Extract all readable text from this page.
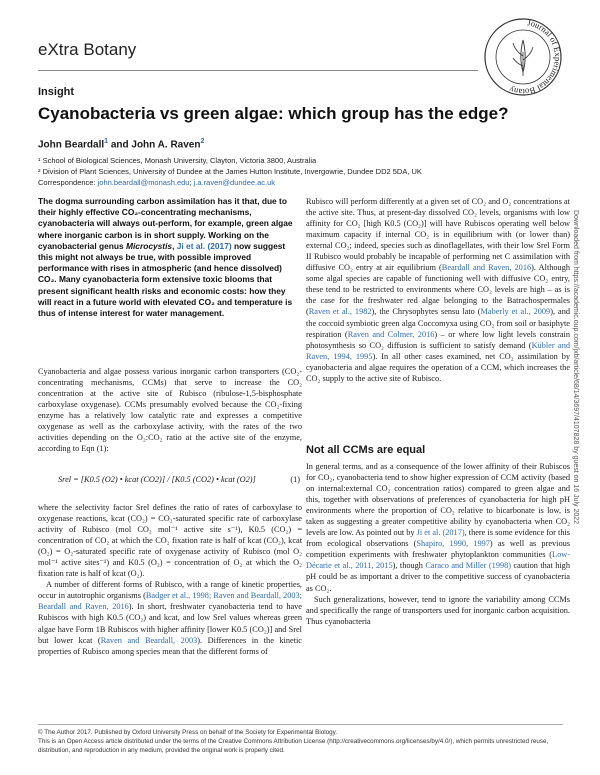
eXtra Botany
Journal of Experimental Botany
Insight
Cyanobacteria vs green algae: which group has the edge?
John Beardall$^1$ and John A. Raven$^2$
¹ School of Biological Sciences, Monash University, Clayton, Victoria 3800, Australia
² Division of Plant Sciences, University of Dundee at the James Hutton Institute, Invergowrie, Dundee DD2 5DA, UK
Correspondence: john.beardall@monash.edu; j.a.raven@dundee.ac.uk
The dogma surrounding carbon assimilation has it that, due to their highly effective CO₂-concentrating mechanisms, cyanobacteria will always out-perform, for example, green algae where inorganic carbon is in short supply. Working on the cyanobacterial genus Microcystis, Ji et al. (2017) now suggest this might not always be true, with possible improved performance with rises in atmospheric (and hence dissolved) CO₂. Many cyanobacteria form extensive toxic blooms that present significant health risks and economic costs: how they will react in a future world with elevated CO₂ and temperature is thus of intense interest for water management.

Cyanobacteria and algae possess various inorganic carbon transporters (CO₂-concentrating mechanisms, CCMs) that serve to increase the CO₂ concentration at the active site of Rubisco (ribulose-1,5-bisphosphate carboxylase oxygenase). CCMs presumably evolved because the CO₂-fixing enzyme has a relatively low catalytic rate and expresses a competitive oxygenase as well as the carboxylase activity, with the rates of the two activities depending on the O₂:CO₂ ratio at the active site of the enzyme, according to Eqn (1):

Srel = [K0.5 (O2) • kcat (CO2)] / [K0.5 (CO2) • kcat (O2)]	(1)

where the selectivity factor Srel defines the ratio of rates of carboxylase to oxygenase reactions, kcat (CO₂) = CO₂-saturated specific rate of carboxylase activity of Rubisco (mol CO₂ mol⁻¹ active site s⁻¹), K0.5 (CO₂) = concentration of CO₂ at which the CO₂ fixation rate is half of kcat (CO₂), kcat (O₂) = O₂-saturated specific rate of oxygenase activity of Rubisco (mol O₂ mol⁻¹ active sites⁻¹) and K0.5 (O₂) = concentration of O₂ at which the O₂ fixation rate is half of kcat (O₂).

A number of different forms of Rubisco, with a range of kinetic properties, occur in autotrophic organisms (Badger et al., 1998; Raven and Beardall, 2003; Beardall and Raven, 2016). In short, freshwater cyanobacteria tend to have Rubiscos with high K0.5 (CO₂) and kcat, and low Srel values whereas green algae have Form 1B Rubiscos with higher affinity [lower K0.5 (CO₂)] and Srel but lower kcat (Raven and Beardall, 2003). Differences in the kinetic properties of Rubisco among species mean that the different forms of

Rubisco will perform differently at a given set of CO₂ and O₂ concentrations at the active site. Thus, at present-day dissolved CO₂ levels, organisms with low affinity for CO₂ [high K0.5 (CO₂)] will have Rubiscos operating well below maximum capacity if internal CO₂ is in equilibrium with (or lower than) external CO₂; indeed, species such as dinoflagellates, with their low Srel Form II Rubisco would probably be incapable of performing net C assimilation with diffusive CO₂ entry at air equilibrium (Beardall and Raven, 2016). Although some algal species are capable of functioning well with diffusive CO₂ entry, these tend to be restricted to environments where CO₂ levels are high – as is the case for the freshwater red algae belonging to the Batrachospermales (Raven et al., 1982), the Chrysophytes sensu lato (Maberly et al., 2009), and the coccoid symbiotic green alga Coccomyxa using CO₂ from soil or basiphyte respiration (Raven and Colmer, 2016) – or where low light levels constrain photosynthesis so CO₂ diffusion is sufficient to satisfy demand (Kübler and Raven, 1994, 1995). In all other cases examined, net CO₂ assimilation by cyanobacteria and algae requires the operation of a CCM, which increases the CO₂ supply to the active site of Rubisco.

Not all CCMs are equal

In general terms, and as a consequence of the lower affinity of their Rubiscos for CO₂, cyanobacteria tend to show higher expression of CCM activity (based on internal:external CO₂ concentration ratios) compared to green algae and this, together with observations of preferences of cyanobacteria for high pH environments where the proportion of CO₂ relative to bicarbonate is low, is taken as suggesting a greater competitive ability by cyanobacteria when CO₂ levels are low. As pointed out by Ji et al. (2017), there is some evidence for this from ecological observations (Shapiro, 1990, 1997) as well as previous competition experiments with freshwater phytoplankton communities (Low-Décarie et al., 2011, 2015), though Caraco and Miller (1998) caution that high pH could be as important a driver to the competitive success of cyanobacteria as CO₂.

Such generalizations, however, tend to ignore the variability among CCMs and specifically the range of transporters used for inorganic carbon acquisition. Thus cyanobacteria

Downloaded from https://academic.oup.com/jxb/article/68/14/3697/4107828 by guest on 16 July 2022
© The Author 2017. Published by Oxford University Press on behalf of the Society for Experimental Biology.
This is an Open Access article distributed under the terms of the Creative Commons Attribution License (http://creativecommons.org/licenses/by/4.0/), which permits unrestricted reuse, distribution, and reproduction in any medium, provided the original work is properly cited.
